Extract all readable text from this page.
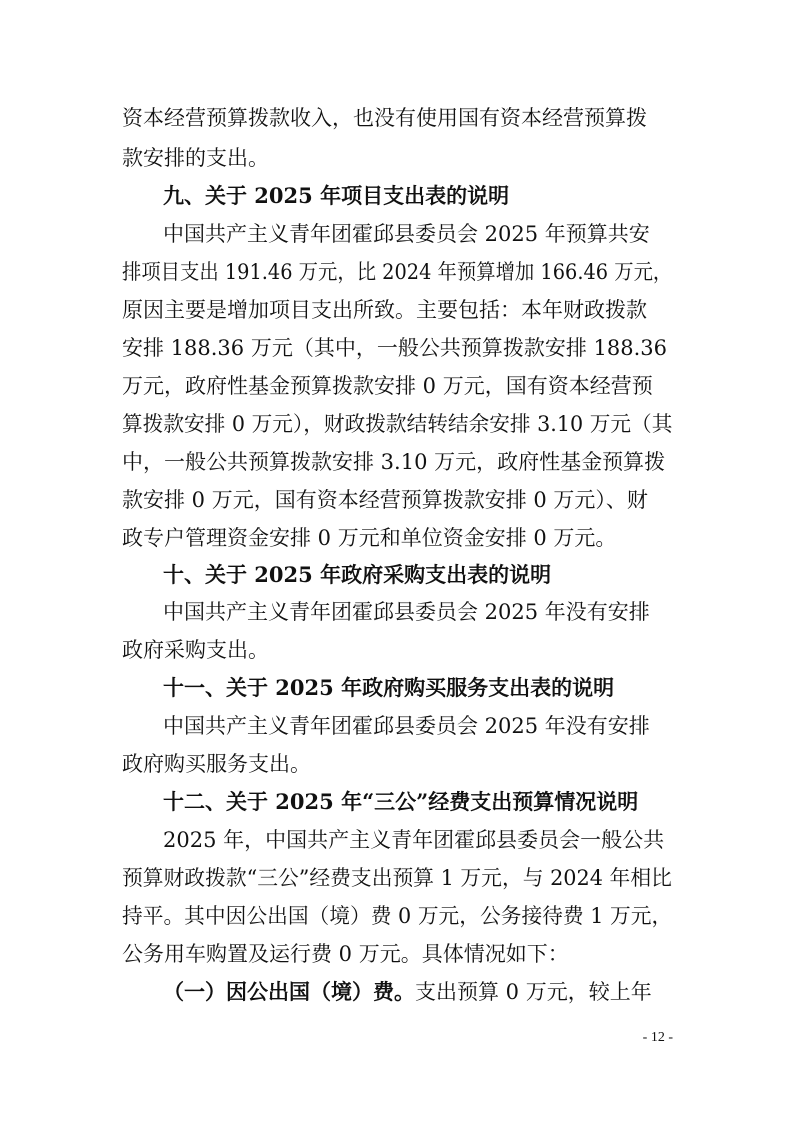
资本经营预算拨款收入，也没有使用国有资本经营预算拨
款安排的支出。
九、关于 2025 年项目支出表的说明
中国共产主义青年团霍邱县委员会 2025 年预算共安
排项目支出 191.46 万元，比 2024 年预算增加 166.46 万元，
原因主要是增加项目支出所致。主要包括：本年财政拨款
安排 188.36 万元（其中，一般公共预算拨款安排 188.36
万元，政府性基金预算拨款安排 0 万元，国有资本经营预
算拨款安排 0 万元），财政拨款结转结余安排 3.10 万元（其
中，一般公共预算拨款安排 3.10 万元，政府性基金预算拨
款安排 0 万元，国有资本经营预算拨款安排 0 万元）、财
政专户管理资金安排 0 万元和单位资金安排 0 万元。
十、关于 2025 年政府采购支出表的说明
中国共产主义青年团霍邱县委员会 2025 年没有安排
政府采购支出。
十一、关于 2025 年政府购买服务支出表的说明
中国共产主义青年团霍邱县委员会 2025 年没有安排
政府购买服务支出。
十二、关于 2025 年“三公”经费支出预算情况说明
2025 年，中国共产主义青年团霍邱县委员会一般公共
预算财政拨款“三公”经费支出预算 1 万元，与 2024 年相比
持平。其中因公出国（境）费 0 万元，公务接待费 1 万元，
公务用车购置及运行费 0 万元。具体情况如下：
（一）因公出国（境）费。支出预算 0 万元，较上年
- 12 -
